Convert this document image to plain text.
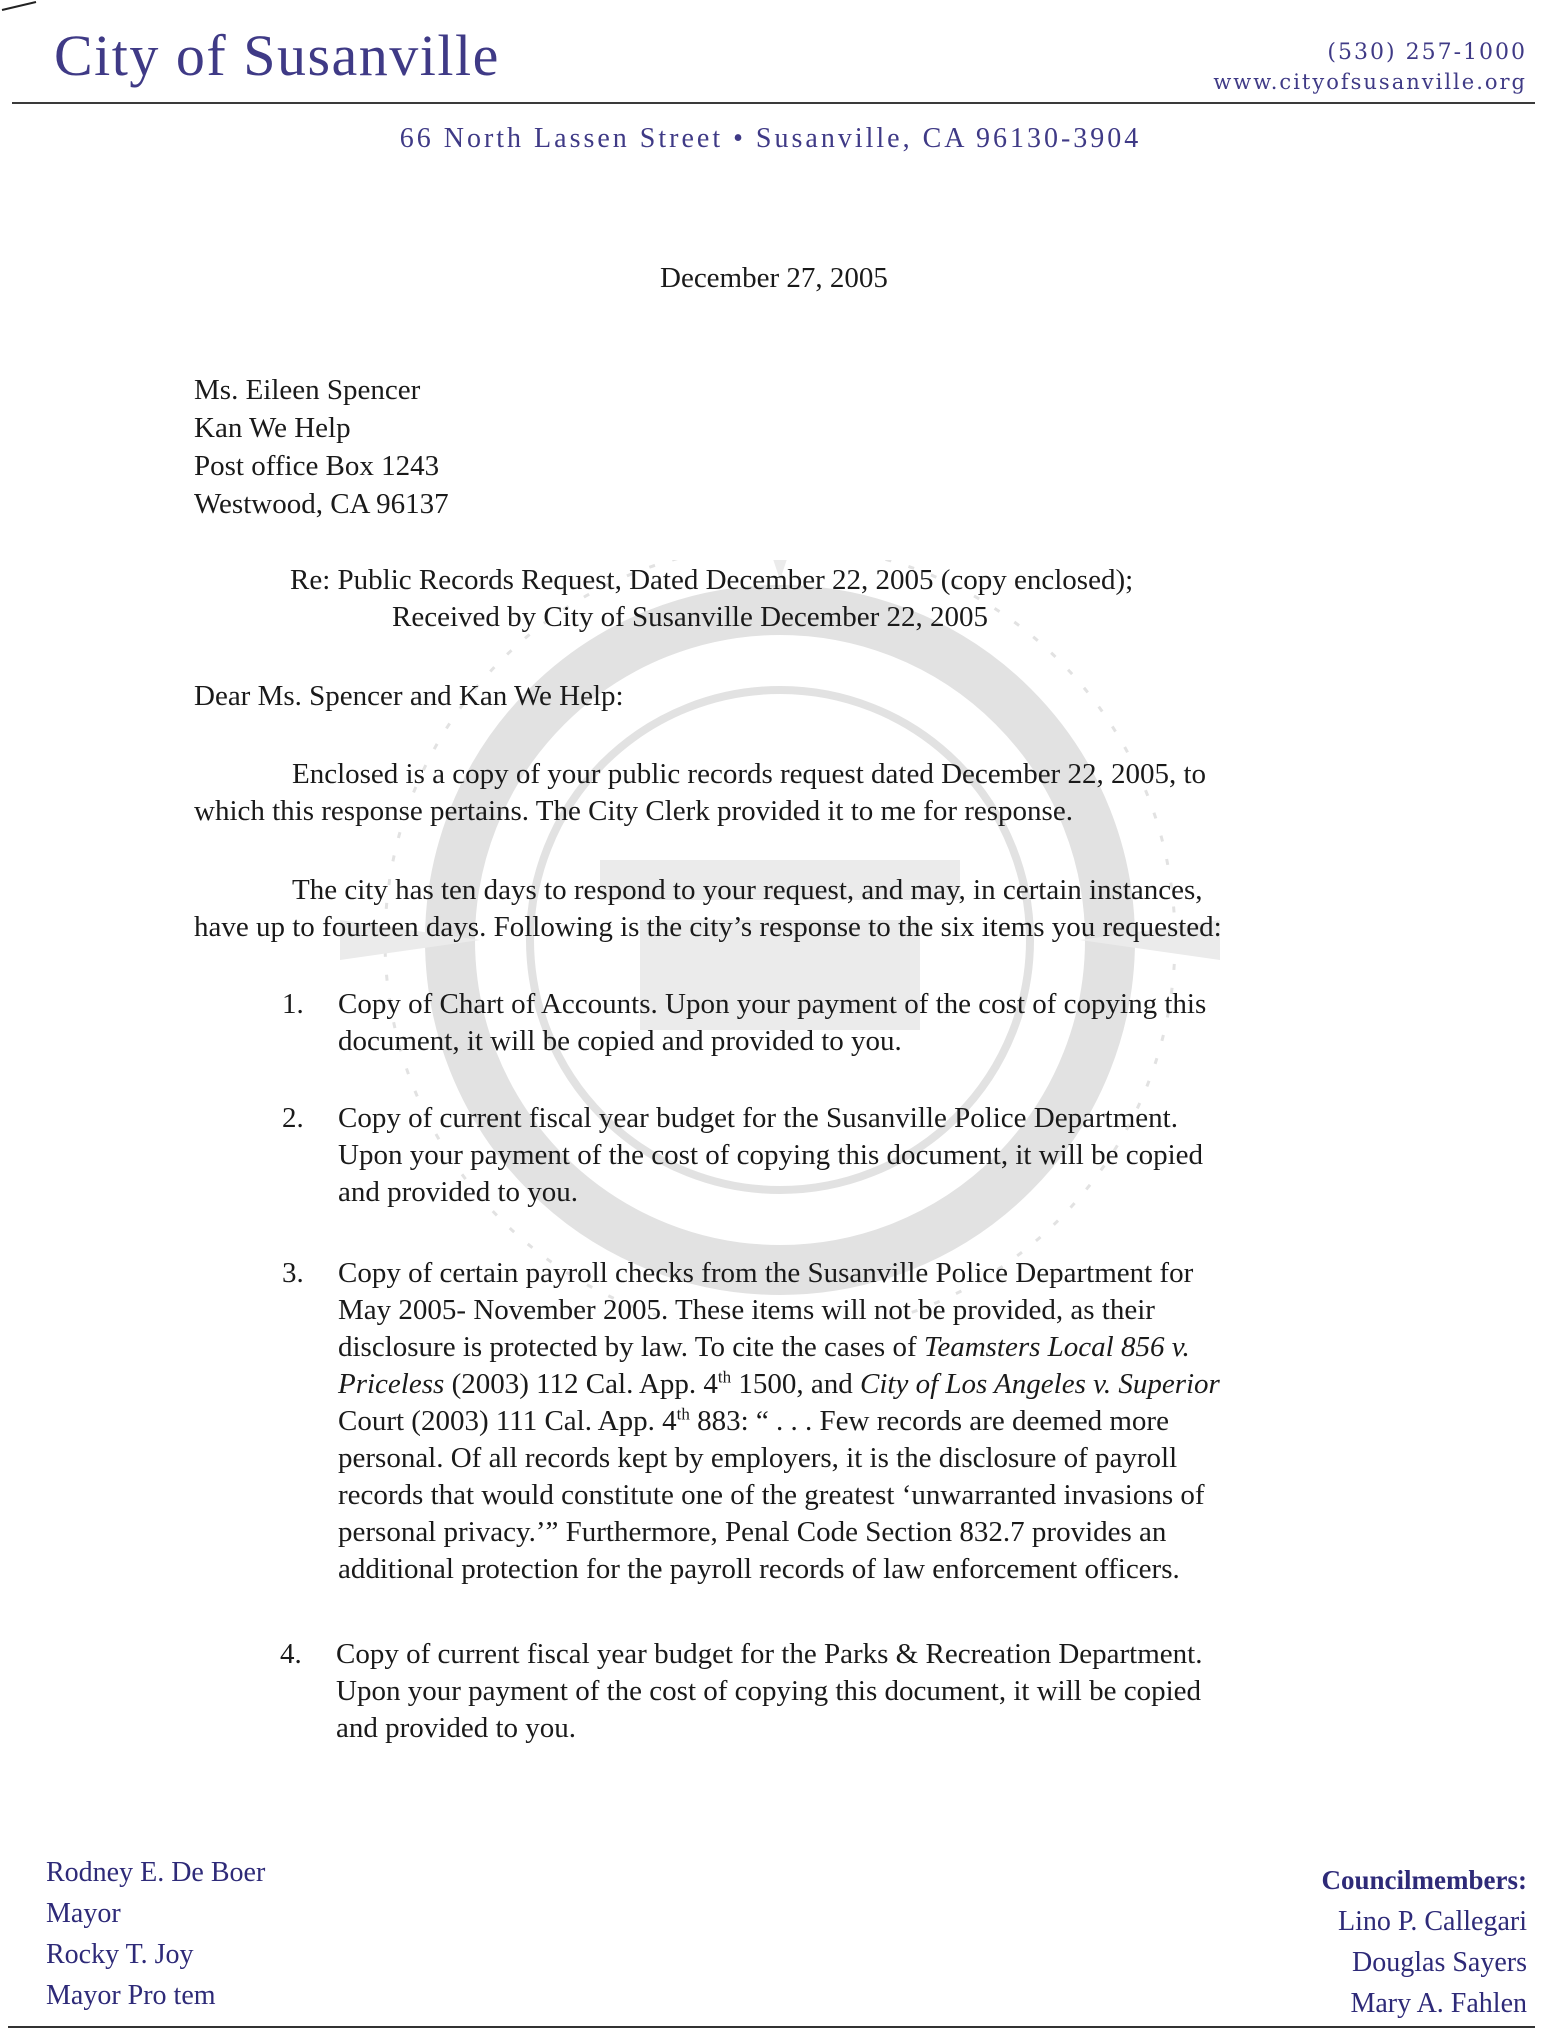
City of Susanville	(530) 257-1000
www.cityofsusanville.org
66 North Lassen Street • Susanville, CA 96130-3904
December 27, 2005
Ms. Eileen Spencer
Kan We Help
Post office Box 1243
Westwood, CA 96137
Re: Public Records Request, Dated December 22, 2005 (copy enclosed);
Received by City of Susanville December 22, 2005
Dear Ms. Spencer and Kan We Help:
Enclosed is a copy of your public records request dated December 22, 2005, to
which this response pertains. The City Clerk provided it to me for response.
The city has ten days to respond to your request, and may, in certain instances,
have up to fourteen days. Following is the city’s response to the six items you requested:
1. Copy of Chart of Accounts. Upon your payment of the cost of copying this
document, it will be copied and provided to you.
2. Copy of current fiscal year budget for the Susanville Police Department.
Upon your payment of the cost of copying this document, it will be copied
and provided to you.
3. Copy of certain payroll checks from the Susanville Police Department for
May 2005- November 2005. These items will not be provided, as their
disclosure is protected by law. To cite the cases of Teamsters Local 856 v.
Priceless (2003) 112 Cal. App. 4th 1500, and City of Los Angeles v. Superior
Court (2003) 111 Cal. App. 4th 883: “ . . . Few records are deemed more
personal. Of all records kept by employers, it is the disclosure of payroll
records that would constitute one of the greatest ‘unwarranted invasions of
personal privacy.’” Furthermore, Penal Code Section 832.7 provides an
additional protection for the payroll records of law enforcement officers.
4. Copy of current fiscal year budget for the Parks & Recreation Department.
Upon your payment of the cost of copying this document, it will be copied
and provided to you.
Rodney E. De Boer
Mayor
Rocky T. Joy
Mayor Pro tem
Councilmembers:
Lino P. Callegari
Douglas Sayers
Mary A. Fahlen
